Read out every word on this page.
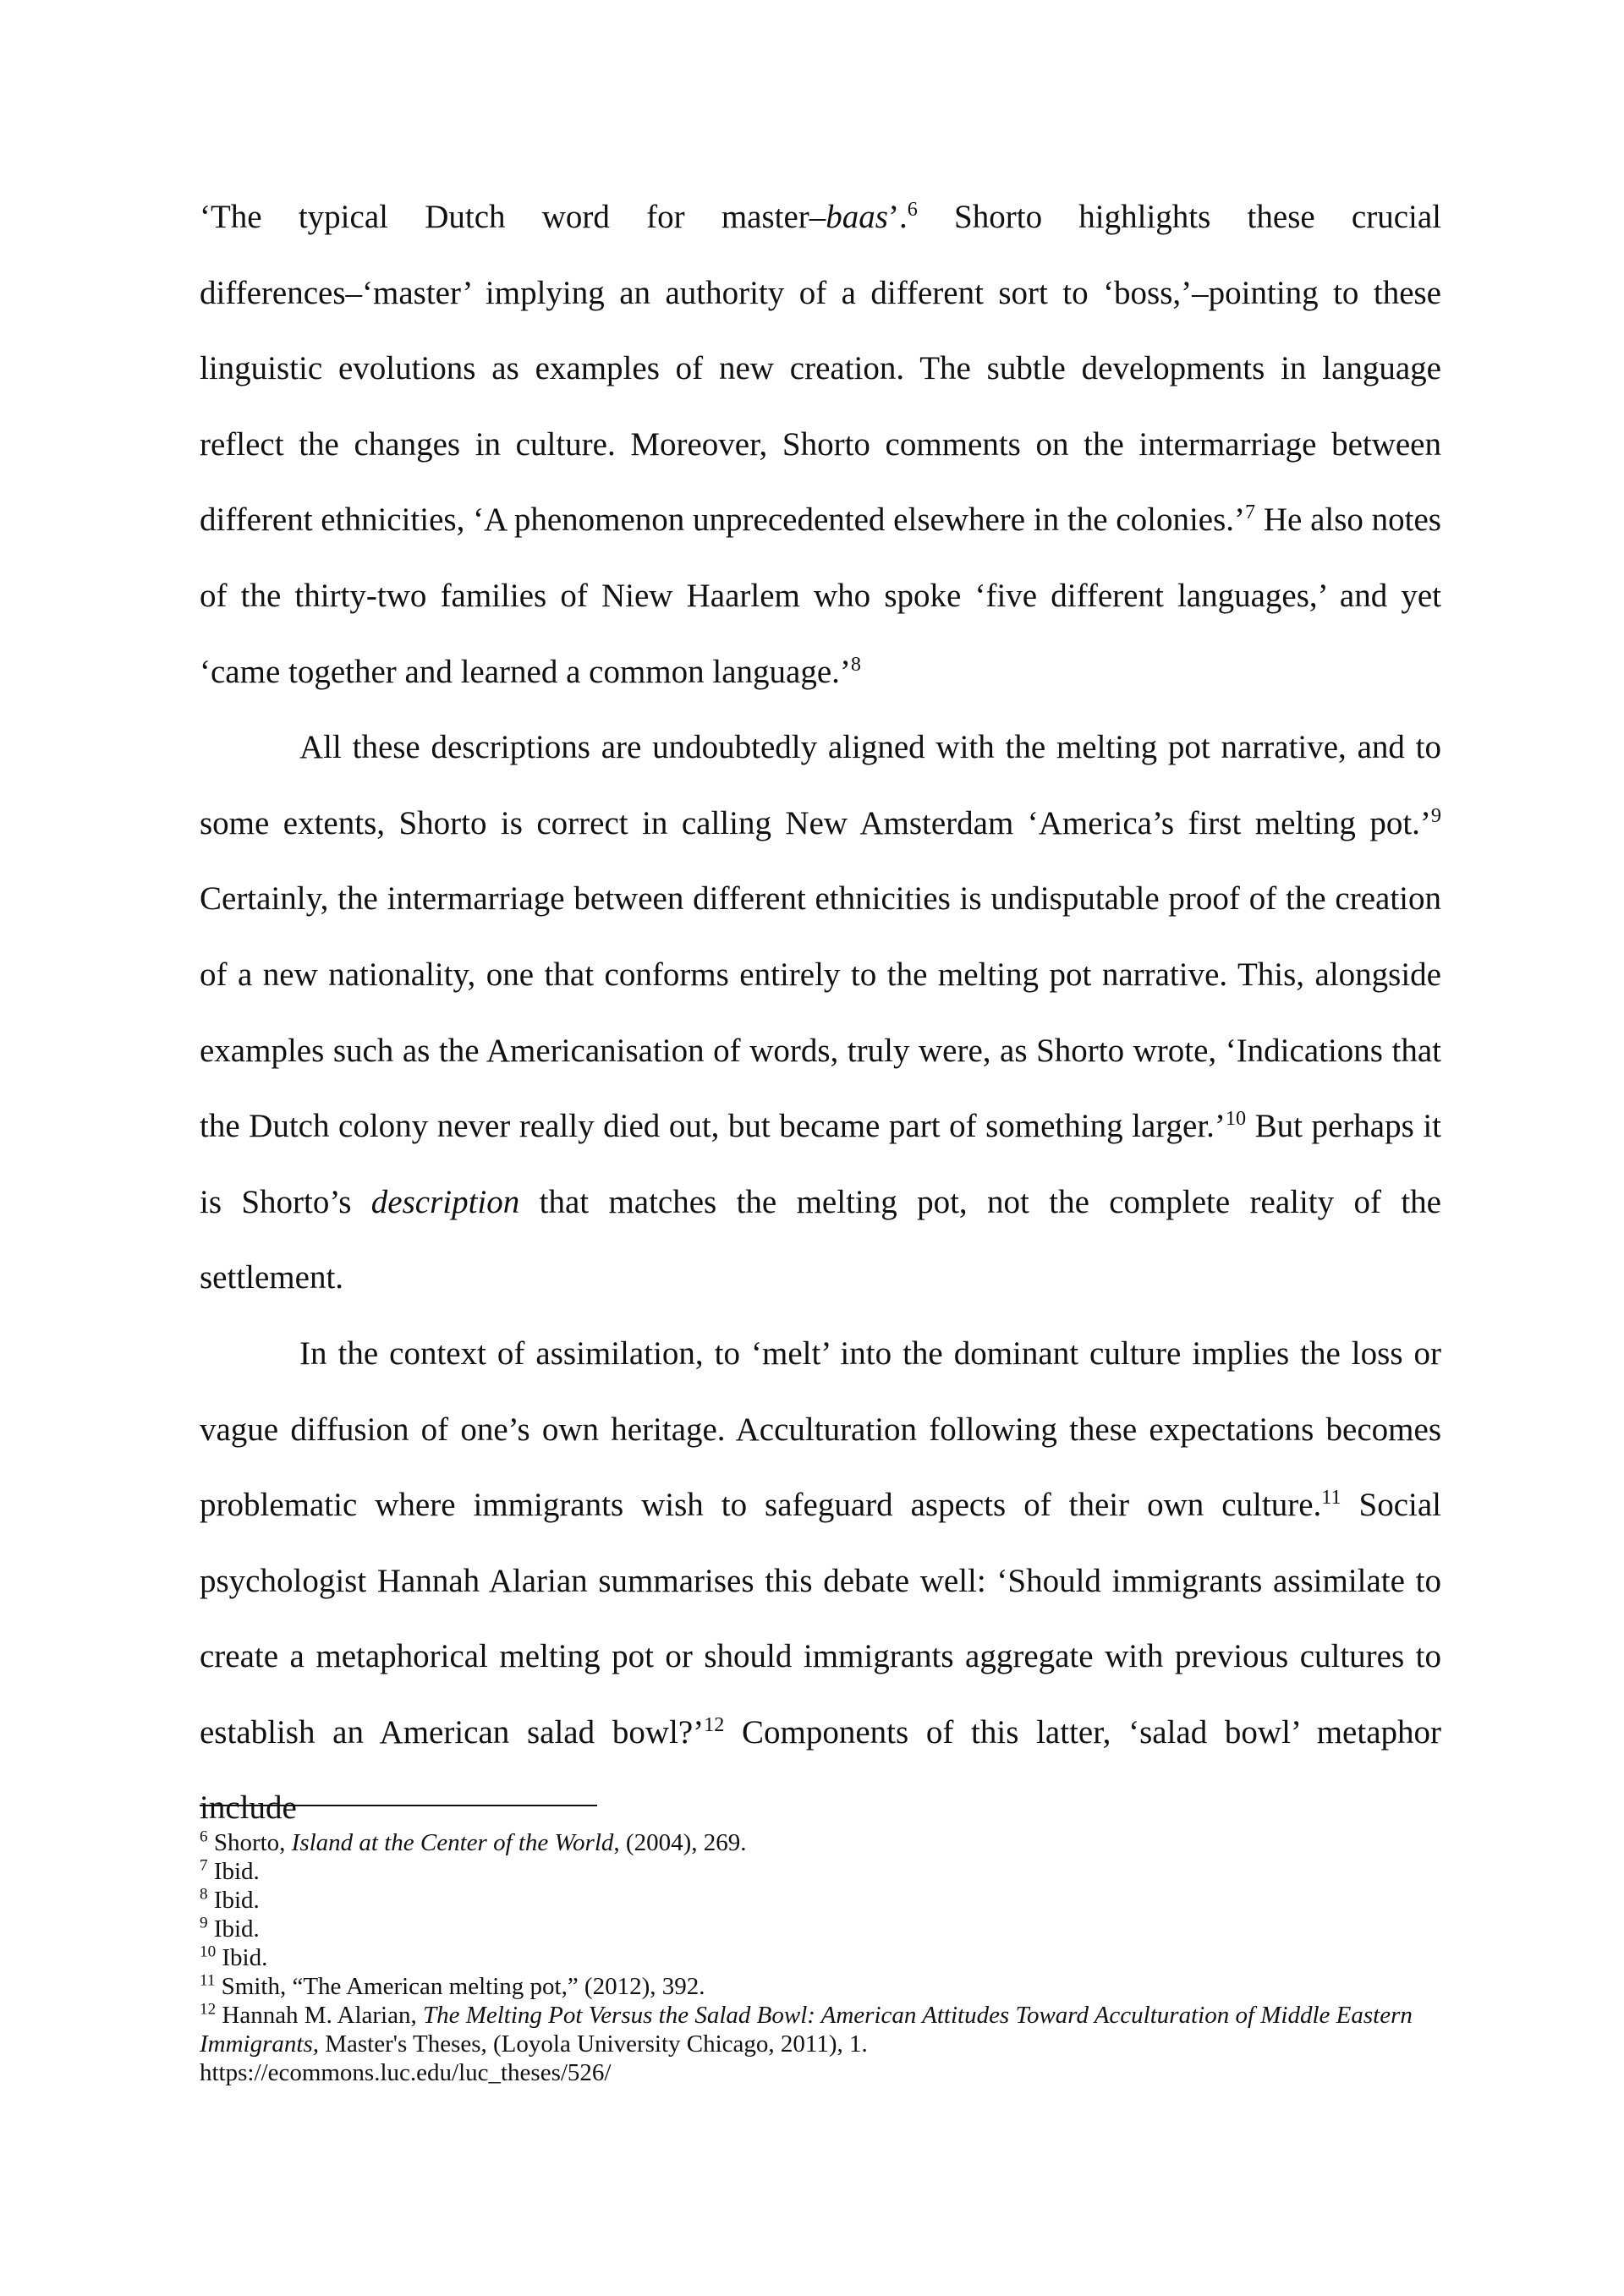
‘The typical Dutch word for master–baas’.$^6$ Shorto highlights these crucial differences–‘master’ implying an authority of a different sort to ‘boss,’–pointing to these linguistic evolutions as examples of new creation. The subtle developments in language reflect the changes in culture. Moreover, Shorto comments on the intermarriage between different ethnicities, ‘A phenomenon unprecedented elsewhere in the colonies.’$^7$ He also notes of the thirty-two families of Niew Haarlem who spoke ‘five different languages,’ and yet ‘came together and learned a common language.’$^8$

All these descriptions are undoubtedly aligned with the melting pot narrative, and to some extents, Shorto is correct in calling New Amsterdam ‘America’s first melting pot.’$^9$ Certainly, the intermarriage between different ethnicities is undisputable proof of the creation of a new nationality, one that conforms entirely to the melting pot narrative. This, alongside examples such as the Americanisation of words, truly were, as Shorto wrote, ‘Indications that the Dutch colony never really died out, but became part of something larger.’$^{10}$ But perhaps it is Shorto’s description that matches the melting pot, not the complete reality of the settlement.

In the context of assimilation, to ‘melt’ into the dominant culture implies the loss or vague diffusion of one’s own heritage. Acculturation following these expectations becomes problematic where immigrants wish to safeguard aspects of their own culture.$^{11}$ Social psychologist Hannah Alarian summarises this debate well: ‘Should immigrants assimilate to create a metaphorical melting pot or should immigrants aggregate with previous cultures to establish an American salad bowl?’$^{12}$ Components of this latter, ‘salad bowl’ metaphor include

$^6$ Shorto, Island at the Center of the World, (2004), 269.

$^7$ Ibid.

$^8$ Ibid.

$^9$ Ibid.

$^{10}$ Ibid.

$^{11}$ Smith, “The American melting pot,” (2012), 392.

$^{12}$ Hannah M. Alarian, The Melting Pot Versus the Salad Bowl: American Attitudes Toward Acculturation of Middle Eastern Immigrants, Master's Theses, (Loyola University Chicago, 2011), 1.
https://ecommons.luc.edu/luc_theses/526/
